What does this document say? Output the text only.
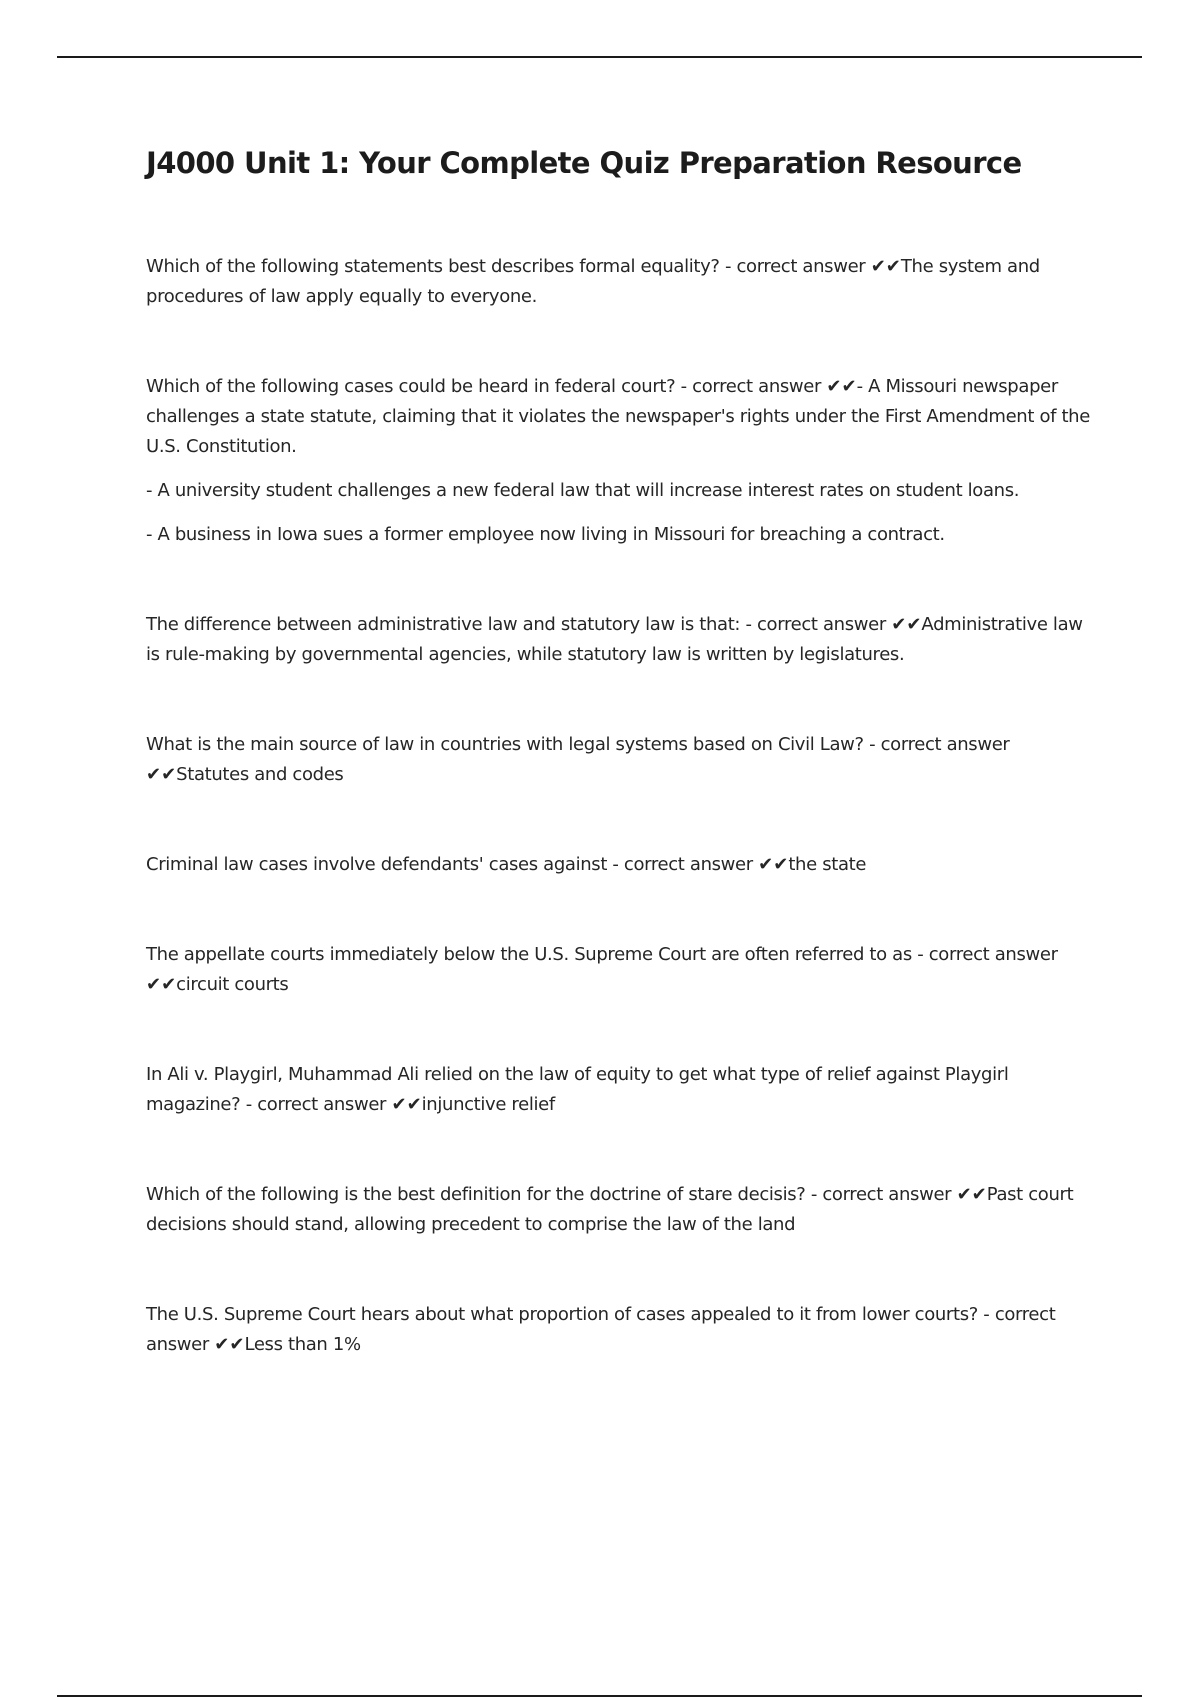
J4000 Unit 1: Your Complete Quiz Preparation Resource

Which of the following statements best describes formal equality? - correct answer ✔✔The system and procedures of law apply equally to everyone.

Which of the following cases could be heard in federal court? - correct answer ✔✔- A Missouri newspaper challenges a state statute, claiming that it violates the newspaper's rights under the First Amendment of the U.S. Constitution.

- A university student challenges a new federal law that will increase interest rates on student loans.

- A business in Iowa sues a former employee now living in Missouri for breaching a contract.

The difference between administrative law and statutory law is that: - correct answer ✔✔Administrative law is rule-making by governmental agencies, while statutory law is written by legislatures.

What is the main source of law in countries with legal systems based on Civil Law? - correct answer ✔✔Statutes and codes

Criminal law cases involve defendants' cases against - correct answer ✔✔the state

The appellate courts immediately below the U.S. Supreme Court are often referred to as - correct answer ✔✔circuit courts

In Ali v. Playgirl, Muhammad Ali relied on the law of equity to get what type of relief against Playgirl magazine? - correct answer ✔✔injunctive relief

Which of the following is the best definition for the doctrine of stare decisis? - correct answer ✔✔Past court decisions should stand, allowing precedent to comprise the law of the land

The U.S. Supreme Court hears about what proportion of cases appealed to it from lower courts? - correct answer ✔✔Less than 1%
